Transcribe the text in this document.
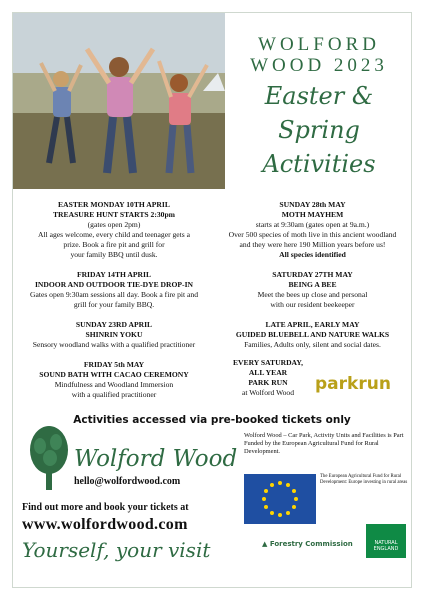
WOLFORD
WOOD 2023
Easter &
Spring
Activities
EASTER MONDAY 10TH APRIL
TREASURE HUNT STARTS 2:30pm
(gates open 2pm)
All ages welcome, every child and teenager gets a
prize. Book a fire pit and grill for
your family BBQ until dusk.
FRIDAY 14TH APRIL
INDOOR AND OUTDOOR TIE-DYE DROP-IN
Gates open 9:30am sessions all day. Book a fire pit and
grill for your family BBQ.
SUNDAY 23RD APRIL
SHINRIN YOKU
Sensory woodland walks with a qualified practitioner
FRIDAY 5th MAY
SOUND BATH WITH CACAO CEREMONY
Mindfulness and Woodland Immersion
with a qualified practitioner
SUNDAY 28th MAY
MOTH MAYHEM
starts at 9:30am (gates open at 9a.m.)
Over 500 species of moth live in this ancient woodland
and they were here 190 Million years before us!
All species identified
SATURDAY 27TH MAY
BEING A BEE
Meet the bees up close and personal
with our resident beekeeper
LATE APRIL, EARLY MAY
GUIDED BLUEBELL AND NATURE WALKS
Families, Adults only, silent and social dates.
EVERY SATURDAY,
ALL YEAR
PARK RUN
at Wolford Wood	parkrun
Activities accessed via pre-booked tickets only
Wolford Wood
hello@wolfordwood.com
Find out more and book your tickets at
www.wolfordwood.com
Yourself, your visit
Wolford Wood – Car Park, Activity Units and Facilities is Part Funded by the European Agricultural Fund for Rural Development.
The European Agricultural Fund for Rural Development: Europe investing in rural areas
▲ Forestry Commission	NATURAL ENGLAND
